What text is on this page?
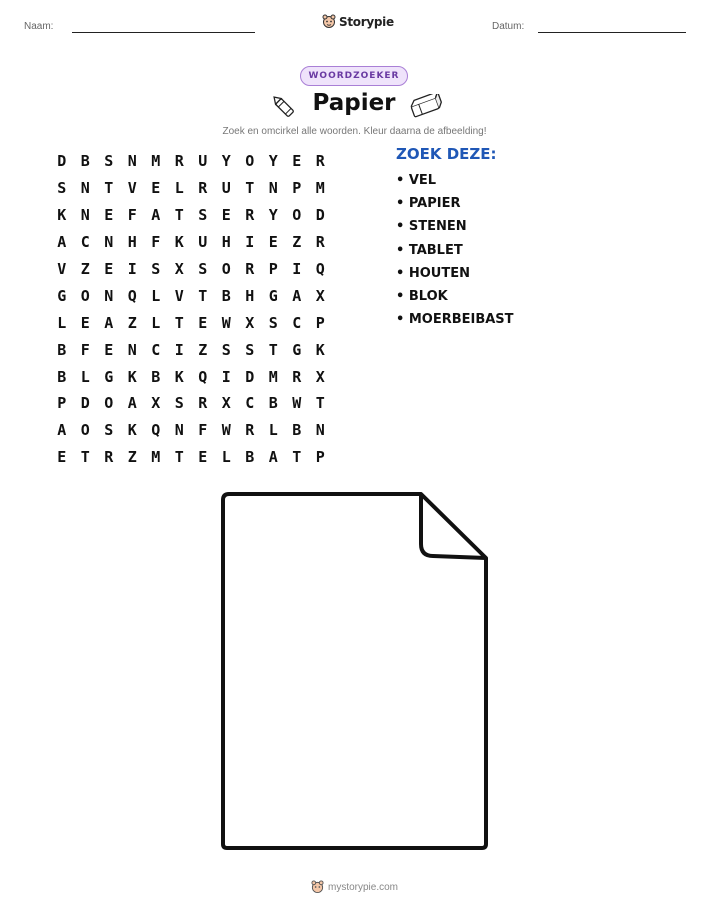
Naam:	Storypie	Datum:
WOORDZOEKER
Papier
Zoek en omcirkel alle woorden. Kleur daarna de afbeelding!
D B S N M R U Y O Y E R
S N T V E L R U T N P M
K N E F A T S E R Y O D
A C N H F K U H I E Z R
V Z E I S X S O R P I Q
G O N Q L V T B H G A X
L E A Z L T E W X S C P
B F E N C I Z S S T G K
B L G K B K Q I D M R X
P D O A X S R X C B W T
A O S K Q N F W R L B N
E T R Z M T E L B A T P
ZOEK DEZE:
• VEL
• PAPIER
• STENEN
• TABLET
• HOUTEN
• BLOK
• MOERBEIBAST
mystorypie.com
